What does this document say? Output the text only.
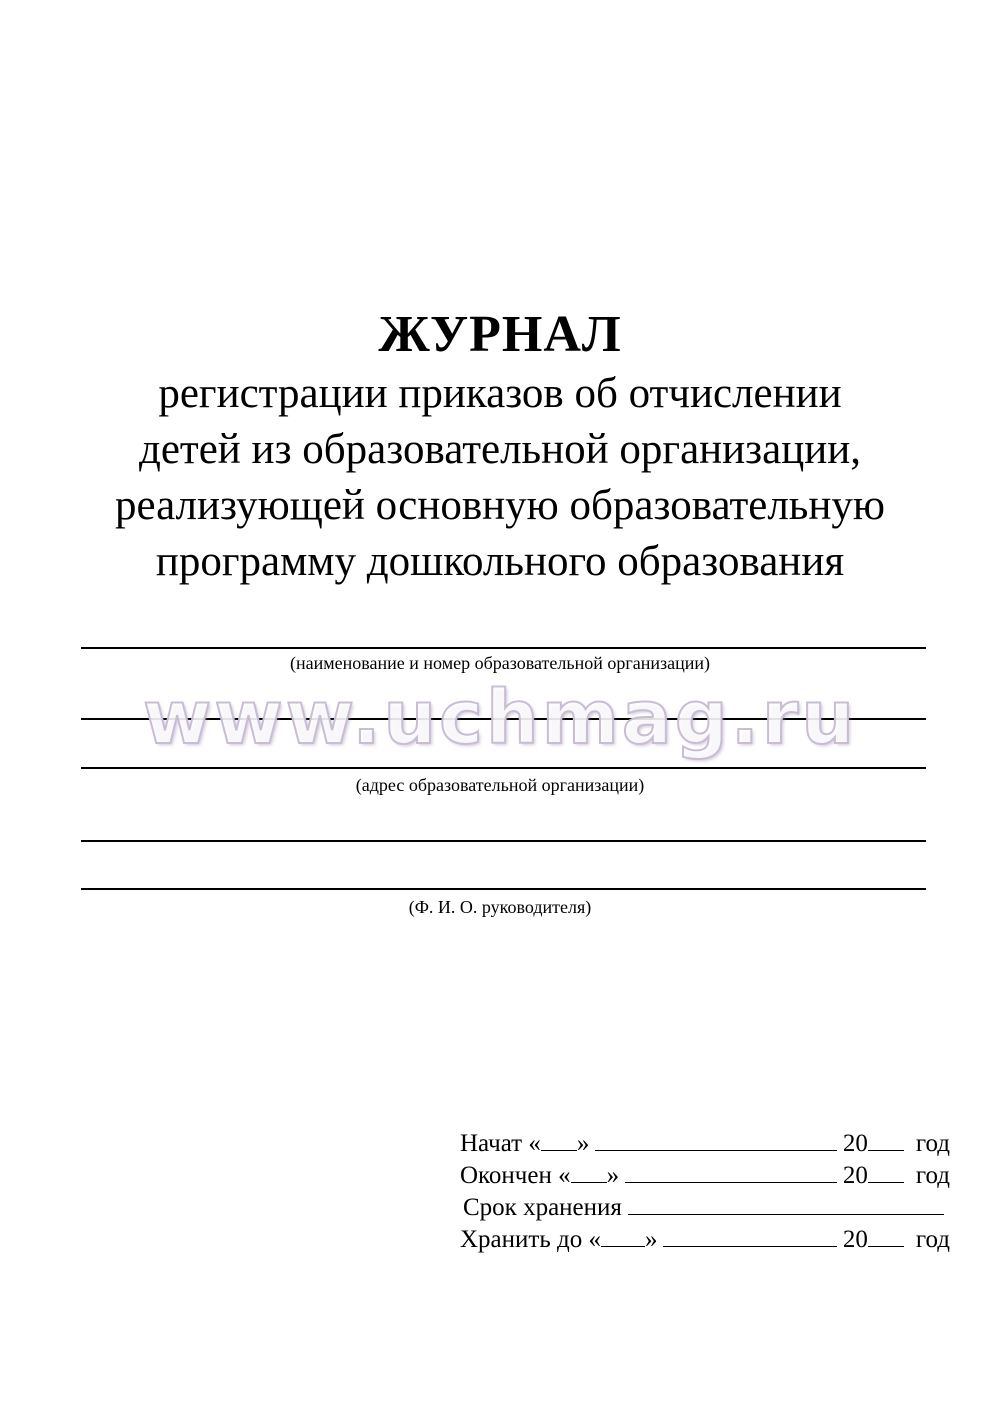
ЖУРНАЛ
регистрации приказов об отчислении
детей из образовательной организации,
реализующей основную образовательную
программу дошкольного образования
(наименование и номер образовательной организации)
(адрес образовательной организации)
(Ф. И. О. руководителя)
www.uchmag.ru
Начат « »	20 год
Окончен « »	20 год
Срок хранения
Хранить до « »	20 год
